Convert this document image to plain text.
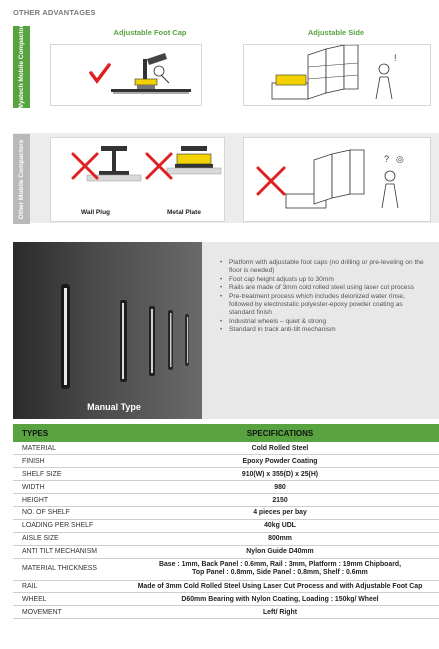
OTHER ADVANTAGES
Wyatech Mobile Compactor
Other Mobile Compactors
Adjustable Foot Cap	Adjustable Side
!
Wall Plug	Metal Plate
? ◎
Manual Type
• Platform with adjustable foot caps (no drilling or pre-leveling on the floor is needed)
• Foot cap height adjusts up to 30mm
• Rails are made of 3mm cold rolled steel using laser cut process
• Pre-treatment process which includes deionized water rinse, followed by electrostatic polyester-epoxy powder coating as standard finish
• Industrial wheels – quiet & strong
• Standard in track anti-tilt mechanism
TYPES	SPECIFICATIONS
MATERIAL	Cold Rolled Steel
FINISH	Epoxy Powder Coating
SHELF SIZE	910(W) x 355(D) x 25(H)
WIDTH	980
HEIGHT	2150
NO. OF SHELF	4 pieces per bay
LOADING PER SHELF	40kg UDL
AISLE SIZE	800mm
ANTI TILT MECHANISM	Nylon Guide D40mm
MATERIAL THICKNESS	Base : 1mm, Back Panel : 0.6mm, Rail : 3mm, Platform : 19mm Chipboard,
Top Panel : 0.8mm, Side Panel : 0.8mm, Shelf : 0.6mm

RAIL	Made of 3mm Cold Rolled Steel Using Laser Cut Process and with Adjustable Foot Cap
WHEEL	D60mm Bearing with Nylon Coating, Loading : 150kg/ Wheel
MOVEMENT	Left/ Right
